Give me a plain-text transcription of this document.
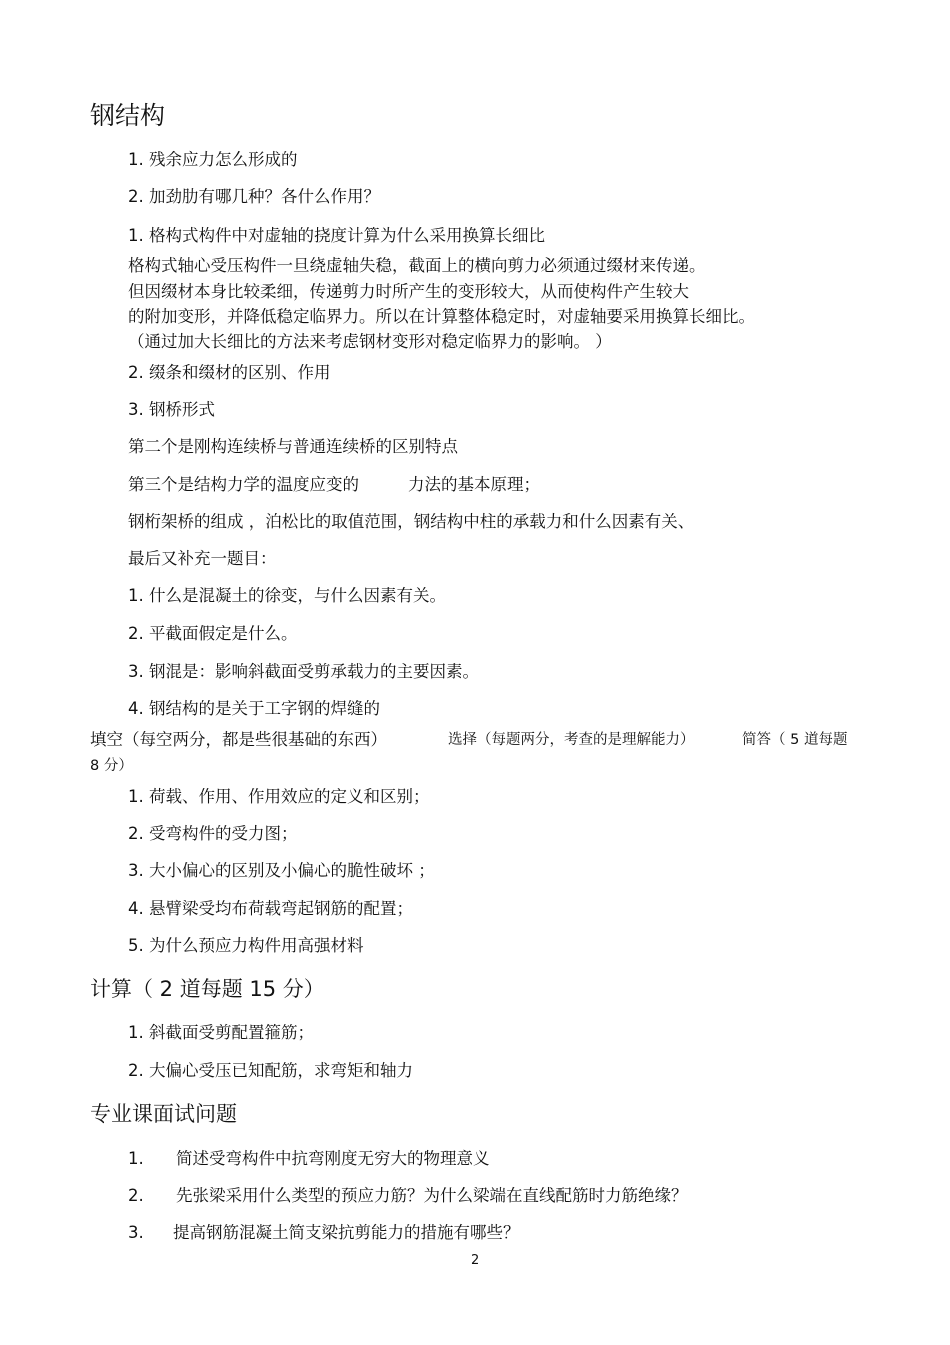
钢结构
1. 残余应力怎么形成的
2. 加劲肋有哪几种？各什么作用？
1. 格构式构件中对虚轴的挠度计算为什么采用换算长细比
格构式轴心受压构件一旦绕虚轴失稳，截面上的横向剪力必须通过缀材来传递。
但因缀材本身比较柔细，传递剪力时所产生的变形较大，从而使构件产生较大
的附加变形，并降低稳定临界力。所以在计算整体稳定时，对虚轴要采用换算长细比。
（通过加大长细比的方法来考虑钢材变形对稳定临界力的影响。 ）
2. 缀条和缀材的区别、作用
3. 钢桥形式
第二个是刚构连续桥与普通连续桥的区别特点
第三个是结构力学的温度应变的	力法的基本原理；
钢桁架桥的组成 ，泊松比的取值范围，钢结构中柱的承载力和什么因素有关、
最后又补充一题目：
1. 什么是混凝土的徐变，与什么因素有关。
2. 平截面假定是什么。
3. 钢混是：影响斜截面受剪承载力的主要因素。
4. 钢结构的是关于工字钢的焊缝的
填空（每空两分，都是些很基础的东西）	选择（每题两分，考查的是理解能力）	简答（ 5 道每题
8 分）
1. 荷载、作用、作用效应的定义和区别；
2. 受弯构件的受力图；
3. 大小偏心的区别及小偏心的脆性破坏 ；
4. 悬臂梁受均布荷载弯起钢筋的配置；
5. 为什么预应力构件用高强材料
计算（ 2 道每题 15 分）
1. 斜截面受剪配置箍筋；
2. 大偏心受压已知配筋，求弯矩和轴力
专业课面试问题
1. 简述受弯构件中抗弯刚度无穷大的物理意义
2. 先张梁采用什么类型的预应力筋？为什么梁端在直线配筋时力筋绝缘？
3. 提高钢筋混凝土简支梁抗剪能力的措施有哪些？
2
